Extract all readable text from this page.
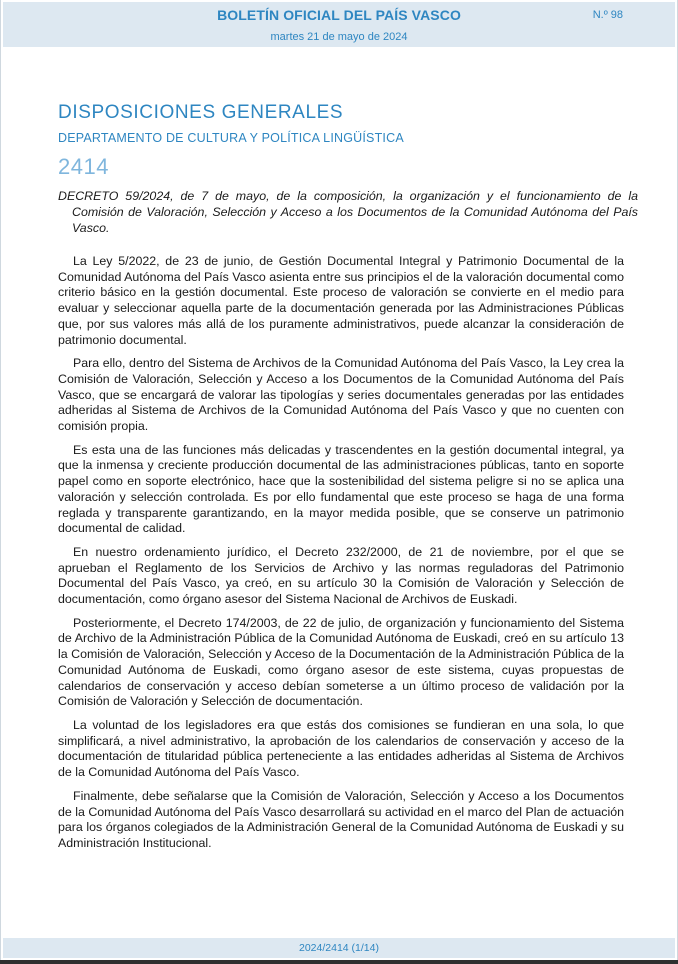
BOLETÍN OFICIAL DEL PAÍS VASCO	N.º 98
martes 21 de mayo de 2024
DISPOSICIONES GENERALES
DEPARTAMENTO DE CULTURA Y POLÍTICA LINGÜÍSTICA
2414
DECRETO 59/2024, de 7 de mayo, de la composición, la organización y el funcionamiento de la Comisión de Valoración, Selección y Acceso a los Documentos de la Comunidad Autónoma del País Vasco.

La Ley 5/2022, de 23 de junio, de Gestión Documental Integral y Patrimonio Documental de la Comunidad Autónoma del País Vasco asienta entre sus principios el de la valoración documental como criterio básico en la gestión documental. Este proceso de valoración se convierte en el medio para evaluar y seleccionar aquella parte de la documentación generada por las Administraciones Públicas que, por sus valores más allá de los puramente administrativos, puede alcanzar la consideración de patrimonio documental.

Para ello, dentro del Sistema de Archivos de la Comunidad Autónoma del País Vasco, la Ley crea la Comisión de Valoración, Selección y Acceso a los Documentos de la Comunidad Autónoma del País Vasco, que se encargará de valorar las tipologías y series documentales generadas por las entidades adheridas al Sistema de Archivos de la Comunidad Autónoma del País Vasco y que no cuenten con comisión propia.

Es esta una de las funciones más delicadas y trascendentes en la gestión documental integral, ya que la inmensa y creciente producción documental de las administraciones públicas, tanto en soporte papel como en soporte electrónico, hace que la sostenibilidad del sistema peligre si no se aplica una valoración y selección controlada. Es por ello fundamental que este proceso se haga de una forma reglada y transparente garantizando, en la mayor medida posible, que se conserve un patrimonio documental de calidad.

En nuestro ordenamiento jurídico, el Decreto 232/2000, de 21 de noviembre, por el que se aprueban el Reglamento de los Servicios de Archivo y las normas reguladoras del Patrimonio Documental del País Vasco, ya creó, en su artículo 30 la Comisión de Valoración y Selección de documentación, como órgano asesor del Sistema Nacional de Archivos de Euskadi.

Posteriormente, el Decreto 174/2003, de 22 de julio, de organización y funcionamiento del Sistema de Archivo de la Administración Pública de la Comunidad Autónoma de Euskadi, creó en su artículo 13 la Comisión de Valoración, Selección y Acceso de la Documentación de la Administración Pública de la Comunidad Autónoma de Euskadi, como órgano asesor de este sistema, cuyas propuestas de calendarios de conservación y acceso debían someterse a un último proceso de validación por la Comisión de Valoración y Selección de documentación.

La voluntad de los legisladores era que estás dos comisiones se fundieran en una sola, lo que simplificará, a nivel administrativo, la aprobación de los calendarios de conservación y acceso de la documentación de titularidad pública perteneciente a las entidades adheridas al Sistema de Archivos de la Comunidad Autónoma del País Vasco.

Finalmente, debe señalarse que la Comisión de Valoración, Selección y Acceso a los Documentos de la Comunidad Autónoma del País Vasco desarrollará su actividad en el marco del Plan de actuación para los órganos colegiados de la Administración General de la Comunidad Autónoma de Euskadi y su Administración Institucional.

2024/2414 (1/14)
